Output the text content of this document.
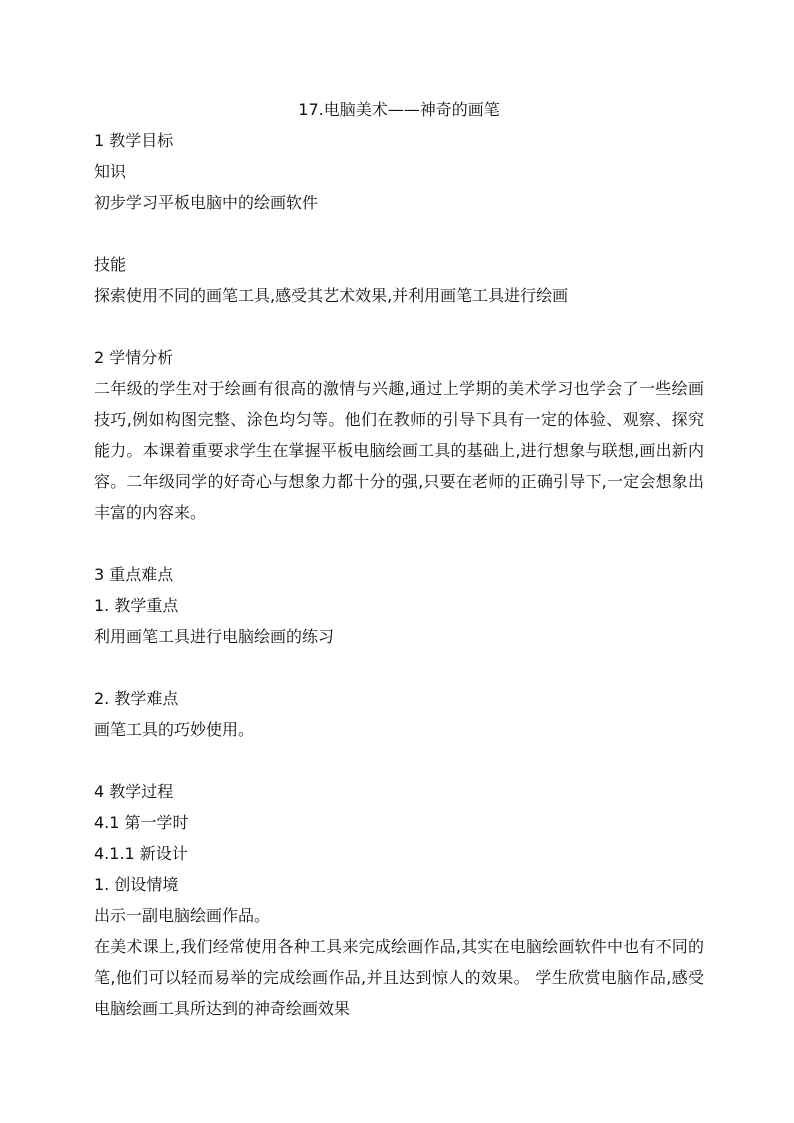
17.电脑美术——神奇的画笔

1 教学目标

知识

初步学习平板电脑中的绘画软件

技能

探索使用不同的画笔工具,感受其艺术效果,并利用画笔工具进行绘画

2 学情分析

二年级的学生对于绘画有很高的激情与兴趣,通过上学期的美术学习也学会了一些绘画技巧,例如构图完整、涂色均匀等。他们在教师的引导下具有一定的体验、观察、探究能力。本课着重要求学生在掌握平板电脑绘画工具的基础上,进行想象与联想,画出新内容。二年级同学的好奇心与想象力都十分的强,只要在老师的正确引导下,一定会想象出丰富的内容来。

3 重点难点

1. 教学重点

利用画笔工具进行电脑绘画的练习

2. 教学难点

画笔工具的巧妙使用。

4 教学过程

4.1 第一学时

4.1.1 新设计

1. 创设情境

出示一副电脑绘画作品。

在美术课上,我们经常使用各种工具来完成绘画作品,其实在电脑绘画软件中也有不同的笔,他们可以轻而易举的完成绘画作品,并且达到惊人的效果。 学生欣赏电脑作品,感受电脑绘画工具所达到的神奇绘画效果
